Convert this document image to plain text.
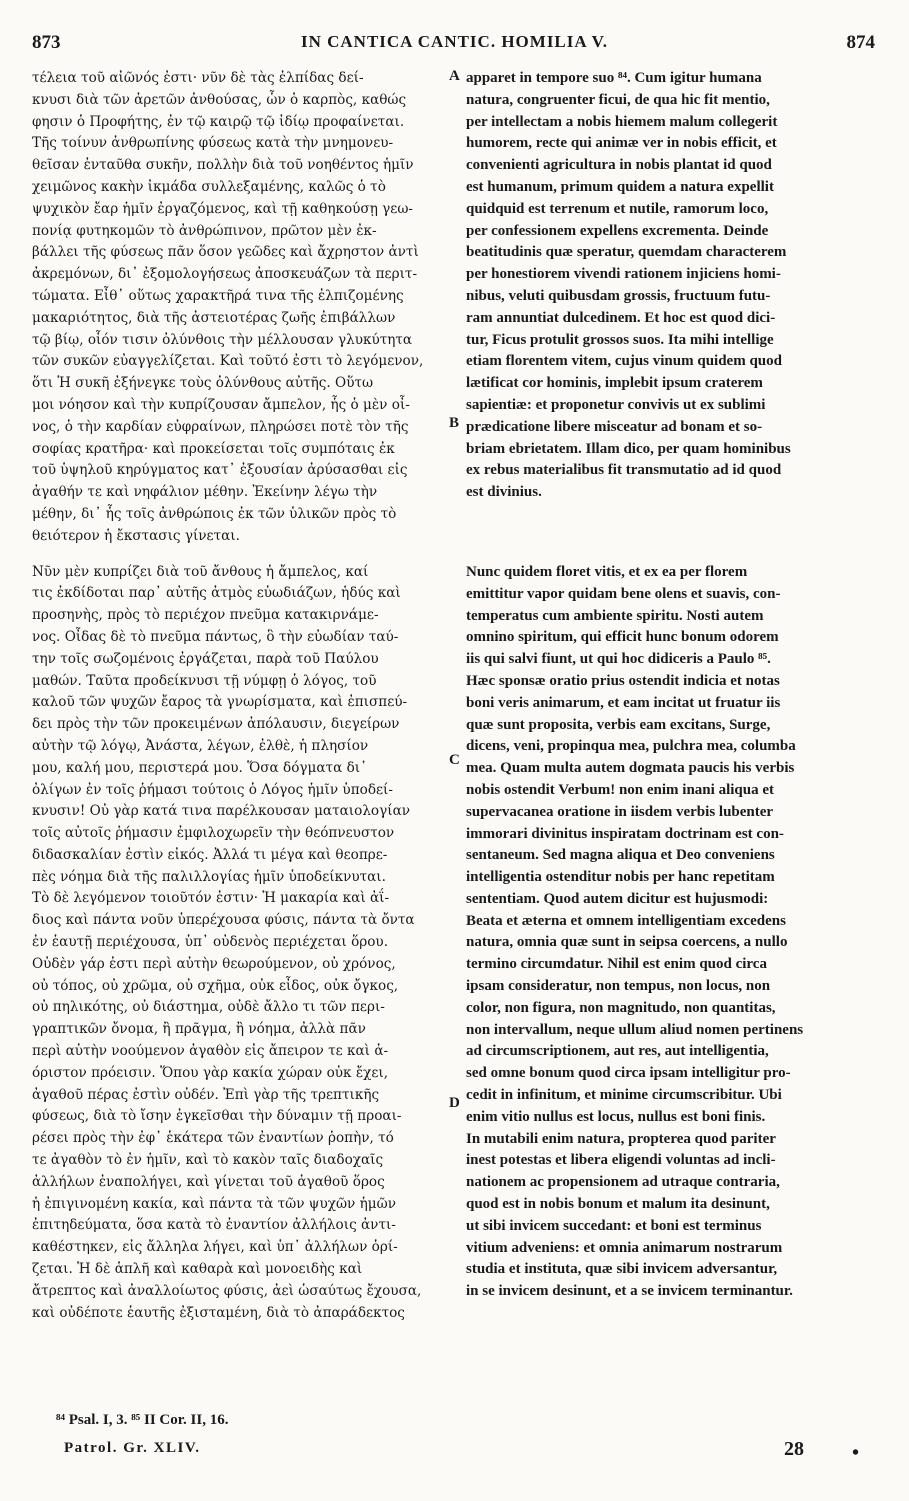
873	IN CANTICA CANTIC. HOMILIA V.	874

τέλεια τοῦ αἰῶνός ἐστι· νῦν δὲ τὰς ἐλπίδας δεί-
κνυσι διὰ τῶν ἀρετῶν ἀνθούσας, ὧν ὁ καρπὸς, καθώς
φησιν ὁ Προφήτης, ἐν τῷ καιρῷ τῷ ἰδίῳ προφαίνεται.
Τῆς τοίνυν ἀνθρωπίνης φύσεως κατὰ τὴν μνημονευ-
θεῖσαν ἐνταῦθα συκῆν, πολλὴν διὰ τοῦ νοηθέντος ἡμῖν
χειμῶνος κακὴν ἰκμάδα συλλεξαμένης, καλῶς ὁ τὸ
ψυχικὸν ἔαρ ἡμῖν ἐργαζόμενος, καὶ τῇ καθηκούσῃ γεω-
πονίᾳ φυτηκομῶν τὸ ἀνθρώπινον, πρῶτον μὲν ἐκ-
βάλλει τῆς φύσεως πᾶν ὅσον γεῶδες καὶ ἄχρηστον ἀντὶ
ἀκρεμόνων, δι᾽ ἐξομολογήσεως ἀποσκευάζων τὰ περιτ-
τώματα. Εἶθ᾽ οὕτως χαρακτῆρά τινα τῆς ἐλπιζομένης
μακαριότητος, διὰ τῆς ἀστειοτέρας ζωῆς ἐπιβάλλων
τῷ βίῳ, οἷόν τισιν ὀλύνθοις τὴν μέλλουσαν γλυκύτητα
τῶν συκῶν εὐαγγελίζεται. Καὶ τοῦτό ἐστι τὸ λεγόμενον,
ὅτι Ἡ συκῆ ἐξήνεγκε τοὺς ὀλύνθους αὐτῆς. Οὕτω
μοι νόησον καὶ τὴν κυπρίζουσαν ἄμπελον, ἧς ὁ μὲν οἶ-
νος, ὁ τὴν καρδίαν εὐφραίνων, πληρώσει ποτὲ τὸν τῆς
σοφίας κρατῆρα· καὶ προκείσεται τοῖς συμπόταις ἐκ
τοῦ ὑψηλοῦ κηρύγματος κατ᾽ ἐξουσίαν ἀρύσασθαι εἰς
ἀγαθήν τε καὶ νηφάλιον μέθην. Ἐκείνην λέγω τὴν
μέθην, δι᾽ ἧς τοῖς ἀνθρώποις ἐκ τῶν ὑλικῶν πρὸς τὸ
θειότερον ἡ ἔκστασις γίνεται.

Νῦν μὲν κυπρίζει διὰ τοῦ ἄνθους ἡ ἄμπελος, καί
τις ἐκδίδοται παρ᾽ αὐτῆς ἀτμὸς εὐωδιάζων, ἡδύς καὶ
προσηνὴς, πρὸς τὸ περιέχον πνεῦμα κατακιρνάμε-
νος. Οἶδας δὲ τὸ πνεῦμα πάντως, ὃ τὴν εὐωδίαν ταύ-
την τοῖς σωζομένοις ἐργάζεται, παρὰ τοῦ Παύλου
μαθών. Ταῦτα προδείκνυσι τῇ νύμφῃ ὁ λόγος, τοῦ
καλοῦ τῶν ψυχῶν ἔαρος τὰ γνωρίσματα, καὶ ἐπισπεύ-
δει πρὸς τὴν τῶν προκειμένων ἀπόλαυσιν, διεγείρων
αὐτὴν τῷ λόγῳ, Ἀνάστα, λέγων, ἐλθὲ, ἡ πλησίον
μου, καλή μου, περιστερά μου. Ὅσα δόγματα δι᾽
ὀλίγων ἐν τοῖς ῥήμασι τούτοις ὁ Λόγος ἡμῖν ὑποδεί-
κνυσιν! Οὐ γὰρ κατά τινα παρέλκουσαν ματαιολογίαν
τοῖς αὐτοῖς ῥήμασιν ἐμφιλοχωρεῖν τὴν θεόπνευστον
διδασκαλίαν ἐστὶν εἰκός. Ἀλλά τι μέγα καὶ θεοπρε-
πὲς νόημα διὰ τῆς παλιλλογίας ἡμῖν ὑποδείκνυται.
Τὸ δὲ λεγόμενον τοιοῦτόν ἐστιν· Ἡ μακαρία καὶ ἀΐ-
διος καὶ πάντα νοῦν ὑπερέχουσα φύσις, πάντα τὰ ὄντα
ἐν ἑαυτῇ περιέχουσα, ὑπ᾽ οὐδενὸς περιέχεται ὅρου.
Οὐδὲν γάρ ἐστι περὶ αὐτὴν θεωρούμενον, οὐ χρόνος,
οὐ τόπος, οὐ χρῶμα, οὐ σχῆμα, οὐκ εἶδος, οὐκ ὄγκος,
οὐ πηλικότης, οὐ διάστημα, οὐδὲ ἄλλο τι τῶν περι-
γραπτικῶν ὄνομα, ἢ πρᾶγμα, ἢ νόημα, ἀλλὰ πᾶν
περὶ αὐτὴν νοούμενον ἀγαθὸν εἰς ἄπειρον τε καὶ ἀ-
όριστον πρόεισιν. Ὅπου γὰρ κακία χώραν οὐκ ἔχει,
ἀγαθοῦ πέρας ἐστὶν οὐδέν. Ἐπὶ γὰρ τῆς τρεπτικῆς
φύσεως, διὰ τὸ ἴσην ἐγκεῖσθαι τὴν δύναμιν τῇ προαι-
ρέσει πρὸς τὴν ἐφ᾽ ἑκάτερα τῶν ἐναντίων ῥοπὴν, τό
τε ἀγαθὸν τὸ ἐν ἡμῖν, καὶ τὸ κακὸν ταῖς διαδοχαῖς
ἀλλήλων ἐναπολήγει, καὶ γίνεται τοῦ ἀγαθοῦ ὅρος
ἡ ἐπιγινομένη κακία, καὶ πάντα τὰ τῶν ψυχῶν ἡμῶν
ἐπιτηδεύματα, ὅσα κατὰ τὸ ἐναντίον ἀλλήλοις ἀντι-
καθέστηκεν, εἰς ἄλληλα λήγει, καὶ ὑπ᾽ ἀλλήλων ὁρί-
ζεται. Ἡ δὲ ἁπλῆ καὶ καθαρὰ καὶ μονοειδὴς καὶ
ἄτρεπτος καὶ ἀναλλοίωτος φύσις, ἀεὶ ὡσαύτως ἔχουσα,
καὶ οὐδέποτε ἑαυτῆς ἐξισταμένη, διὰ τὸ ἀπαράδεκτος

A
B
C
D

apparet in tempore suo ⁸⁴. Cum igitur humana
natura, congruenter ficui, de qua hic fit mentio,
per intellectam a nobis hiemem malum collegerit
humorem, recte qui animæ ver in nobis efficit, et
convenienti agricultura in nobis plantat id quod
est humanum, primum quidem a natura expellit
quidquid est terrenum et nutile, ramorum loco,
per confessionem expellens excrementa. Deinde
beatitudinis quæ speratur, quemdam characterem
per honestiorem vivendi rationem injiciens homi-
nibus, veluti quibusdam grossis, fructuum futu-
ram annuntiat dulcedinem. Et hoc est quod dici-
tur, Ficus protulit grossos suos. Ita mihi intellige
etiam florentem vitem, cujus vinum quidem quod
lætificat cor hominis, implebit ipsum craterem
sapientiæ: et proponetur convivis ut ex sublimi
prædicatione libere misceatur ad bonam et so-
briam ebrietatem. Illam dico, per quam hominibus
ex rebus materialibus fit transmutatio ad id quod
est divinius.

Nunc quidem floret vitis, et ex ea per florem
emittitur vapor quidam bene olens et suavis, con-
temperatus cum ambiente spiritu. Nosti autem
omnino spiritum, qui efficit hunc bonum odorem
iis qui salvi fiunt, ut qui hoc didiceris a Paulo ⁸⁵.
Hæc sponsæ oratio prius ostendit indicia et notas
boni veris animarum, et eam incitat ut fruatur iis
quæ sunt proposita, verbis eam excitans, Surge,
dicens, veni, propinqua mea, pulchra mea, columba
mea. Quam multa autem dogmata paucis his verbis
nobis ostendit Verbum! non enim inani aliqua et
supervacanea oratione in iisdem verbis lubenter
immorari divinitus inspiratam doctrinam est con-
sentaneum. Sed magna aliqua et Deo conveniens
intelligentia ostenditur nobis per hanc repetitam
sententiam. Quod autem dicitur est hujusmodi:
Beata et æterna et omnem intelligentiam excedens
natura, omnia quæ sunt in seipsa coercens, a nullo
termino circumdatur. Nihil est enim quod circa
ipsam consideratur, non tempus, non locus, non
color, non figura, non magnitudo, non quantitas,
non intervallum, neque ullum aliud nomen pertinens
ad circumscriptionem, aut res, aut intelligentia,
sed omne bonum quod circa ipsam intelligitur pro-
cedit in infinitum, et minime circumscribitur. Ubi
enim vitio nullus est locus, nullus est boni finis.
In mutabili enim natura, propterea quod pariter
inest potestas et libera eligendi voluntas ad incli-
nationem ac propensionem ad utraque contraria,
quod est in nobis bonum et malum ita desinunt,
ut sibi invicem succedant: et boni est terminus
vitium adveniens: et omnia animarum nostrarum
studia et instituta, quæ sibi invicem adversantur,
in se invicem desinunt, et a se invicem terminantur.

⁸⁴ Psal. I, 3. ⁸⁵ II Cor. II, 16.
Patrol. Gr. XLIV.	28 •
